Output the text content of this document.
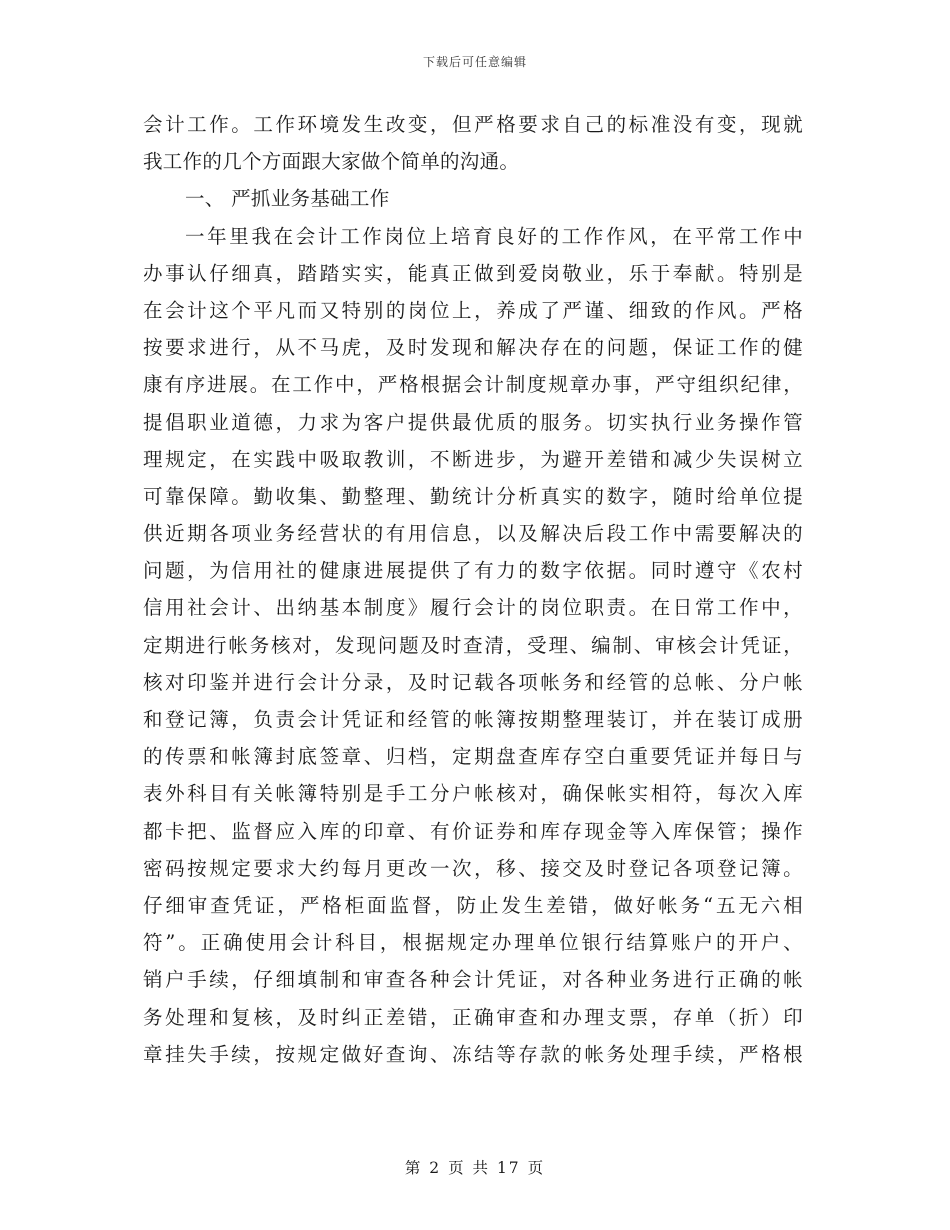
下载后可任意编辑
会计工作。工作环境发生改变，但严格要求自己的标准没有变，现就
我工作的几个方面跟大家做个简单的沟通。
一、 严抓业务基础工作
一年里我在会计工作岗位上培育良好的工作作风，在平常工作中
办事认仔细真，踏踏实实，能真正做到爱岗敬业，乐于奉献。特别是
在会计这个平凡而又特别的岗位上，养成了严谨、细致的作风。严格
按要求进行，从不马虎，及时发现和解决存在的问题，保证工作的健
康有序进展。在工作中，严格根据会计制度规章办事，严守组织纪律，
提倡职业道德，力求为客户提供最优质的服务。切实执行业务操作管
理规定，在实践中吸取教训，不断进步，为避开差错和减少失误树立
可靠保障。勤收集、勤整理、勤统计分析真实的数字，随时给单位提
供近期各项业务经营状的有用信息，以及解决后段工作中需要解决的
问题，为信用社的健康进展提供了有力的数字依据。同时遵守《农村
信用社会计、出纳基本制度》履行会计的岗位职责。在日常工作中，
定期进行帐务核对，发现问题及时查清，受理、编制、审核会计凭证，
核对印鉴并进行会计分录，及时记载各项帐务和经管的总帐、分户帐
和登记簿，负责会计凭证和经管的帐簿按期整理装订，并在装订成册
的传票和帐簿封底签章、归档，定期盘查库存空白重要凭证并每日与
表外科目有关帐簿特别是手工分户帐核对，确保帐实相符，每次入库
都卡把、监督应入库的印章、有价证券和库存现金等入库保管；操作
密码按规定要求大约每月更改一次，移、接交及时登记各项登记簿。
仔细审查凭证，严格柜面监督，防止发生差错，做好帐务“五无六相
符”。正确使用会计科目，根据规定办理单位银行结算账户的开户、
销户手续，仔细填制和审查各种会计凭证，对各种业务进行正确的帐
务处理和复核，及时纠正差错，正确审查和办理支票，存单（折）印
章挂失手续，按规定做好查询、冻结等存款的帐务处理手续，严格根
第 2 页 共 17 页
